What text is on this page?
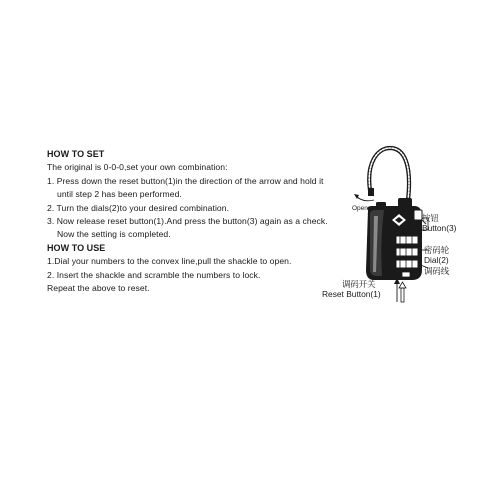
HOW TO SET

The original is 0-0-0,set your own combination:

1. Press down the reset button(1)in the direction of the arrow and hold it

until step 2 has been performed.

2. Turn the dials(2)to your desired combination.

3. Now release reset button(1).And press the button(3) again as a check.

Now the setting is completed.

HOW TO USE

1.Dial your numbers to the convex line,pull the shackle to open.

2. Insert the shackle and scramble the numbers to lock.

Repeat the above to reset.

Open
按钮
Button(3)
密码轮
Dial(2)
调码线
调码开关
Reset Button(1)
